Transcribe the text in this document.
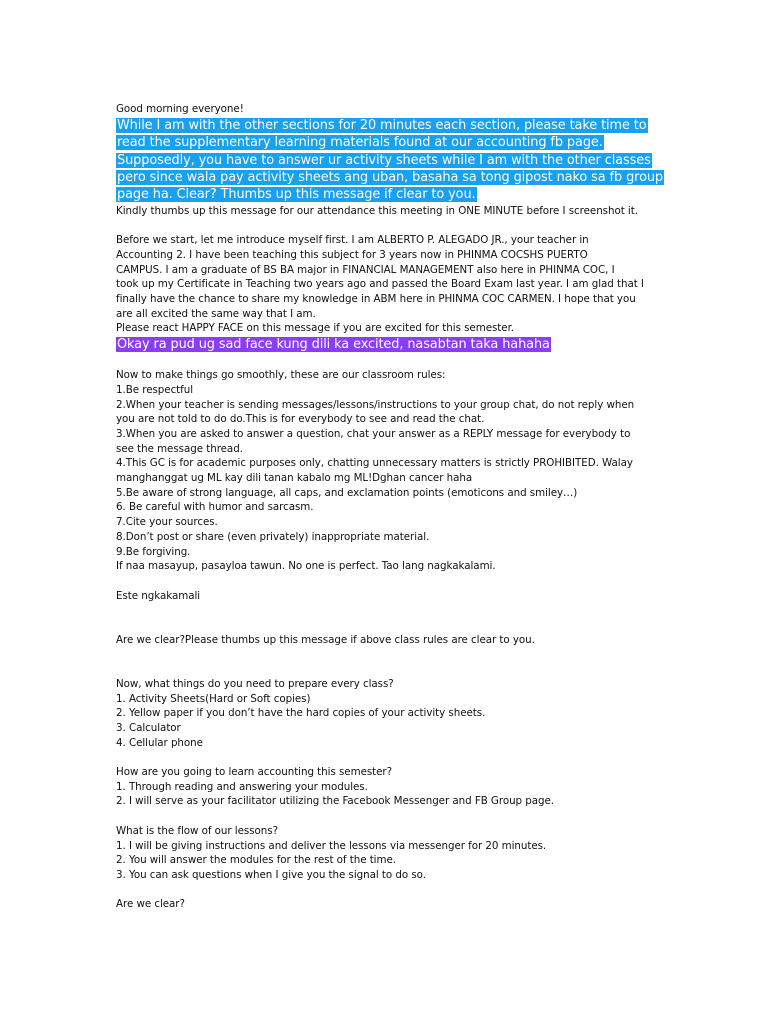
Good morning everyone!
While I am with the other sections for 20 minutes each section, please take time to
read the supplementary learning materials found at our accounting fb page.
Supposedly, you have to answer ur activity sheets while I am with the other classes
pero since wala pay activity sheets ang uban, basaha sa tong gipost nako sa fb group
page ha. Clear? Thumbs up this message if clear to you.
Kindly thumbs up this message for our attendance this meeting in ONE MINUTE before I screenshot it.
Before we start, let me introduce myself first. I am ALBERTO P. ALEGADO JR., your teacher in
Accounting 2. I have been teaching this subject for 3 years now in PHINMA COCSHS PUERTO
CAMPUS. I am a graduate of BS BA major in FINANCIAL MANAGEMENT also here in PHINMA COC, I
took up my Certificate in Teaching two years ago and passed the Board Exam last year. I am glad that I
finally have the chance to share my knowledge in ABM here in PHINMA COC CARMEN. I hope that you
are all excited the same way that I am.
Please react HAPPY FACE on this message if you are excited for this semester.
Okay ra pud ug sad face kung dili ka excited, nasabtan taka hahaha
Now to make things go smoothly, these are our classroom rules:
1.Be respectful
2.When your teacher is sending messages/lessons/instructions to your group chat, do not reply when
you are not told to do do.This is for everybody to see and read the chat.
3.When you are asked to answer a question, chat your answer as a REPLY message for everybody to
see the message thread.
4.This GC is for academic purposes only, chatting unnecessary matters is strictly PROHIBITED. Walay
manghanggat ug ML kay dili tanan kabalo mg ML!Dghan cancer haha
5.Be aware of strong language, all caps, and exclamation points (emoticons and smiley…)
6. Be careful with humor and sarcasm.
7.Cite your sources.
8.Don’t post or share (even privately) inappropriate material.
9.Be forgiving.
If naa masayup, pasayloa tawun. No one is perfect. Tao lang nagkakalami.
Este ngkakamali
Are we clear?Please thumbs up this message if above class rules are clear to you.
Now, what things do you need to prepare every class?
1. Activity Sheets(Hard or Soft copies)
2. Yellow paper if you don’t have the hard copies of your activity sheets.
3. Calculator
4. Cellular phone
How are you going to learn accounting this semester?
1. Through reading and answering your modules.
2. I will serve as your facilitator utilizing the Facebook Messenger and FB Group page.
What is the flow of our lessons?
1. I will be giving instructions and deliver the lessons via messenger for 20 minutes.
2. You will answer the modules for the rest of the time.
3. You can ask questions when I give you the signal to do so.
Are we clear?
